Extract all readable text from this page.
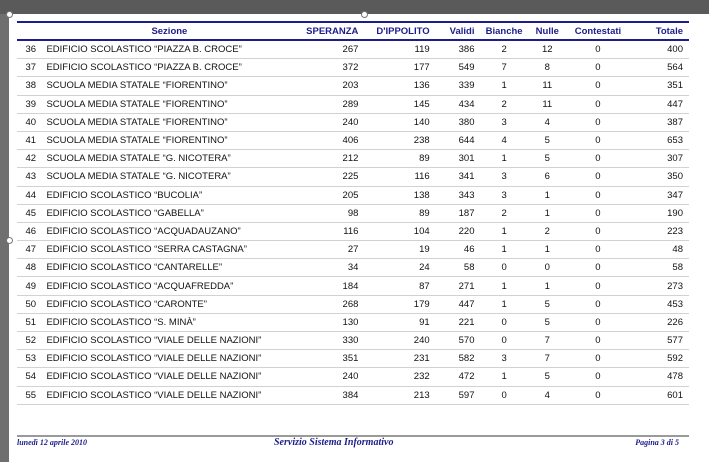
	Sezione	SPERANZA	D'IPPOLITO	Validi	Bianche	Nulle	Contestati	Totale
36	EDIFICIO SCOLASTICO “PIAZZA B. CROCE”	267	119	386	2	12	0	400
37	EDIFICIO SCOLASTICO “PIAZZA B. CROCE”	372	177	549	7	8	0	564
38	SCUOLA MEDIA STATALE “FIORENTINO”	203	136	339	1	11	0	351
39	SCUOLA MEDIA STATALE “FIORENTINO”	289	145	434	2	11	0	447
40	SCUOLA MEDIA STATALE “FIORENTINO”	240	140	380	3	4	0	387
41	SCUOLA MEDIA STATALE “FIORENTINO”	406	238	644	4	5	0	653
42	SCUOLA MEDIA STATALE “G. NICOTERA”	212	89	301	1	5	0	307
43	SCUOLA MEDIA STATALE “G. NICOTERA”	225	116	341	3	6	0	350
44	EDIFICIO SCOLASTICO “BUCOLIA”	205	138	343	3	1	0	347
45	EDIFICIO SCOLASTICO “GABELLA”	98	89	187	2	1	0	190
46	EDIFICIO SCOLASTICO “ACQUADAUZANO”	116	104	220	1	2	0	223
47	EDIFICIO SCOLASTICO “SERRA CASTAGNA”	27	19	46	1	1	0	48
48	EDIFICIO SCOLASTICO “CANTARELLE”	34	24	58	0	0	0	58
49	EDIFICIO SCOLASTICO “ACQUAFREDDA”	184	87	271	1	1	0	273
50	EDIFICIO SCOLASTICO “CARONTE”	268	179	447	1	5	0	453
51	EDIFICIO SCOLASTICO “S. MINÀ”	130	91	221	0	5	0	226
52	EDIFICIO SCOLASTICO “VIALE DELLE NAZIONI”	330	240	570	0	7	0	577
53	EDIFICIO SCOLASTICO “VIALE DELLE NAZIONI”	351	231	582	3	7	0	592
54	EDIFICIO SCOLASTICO “VIALE DELLE NAZIONI”	240	232	472	1	5	0	478
55	EDIFICIO SCOLASTICO “VIALE DELLE NAZIONI”	384	213	597	0	4	0	601
lunedì 12 aprile 2010	Servizio Sistema Informativo	Pagina 3 di 5
